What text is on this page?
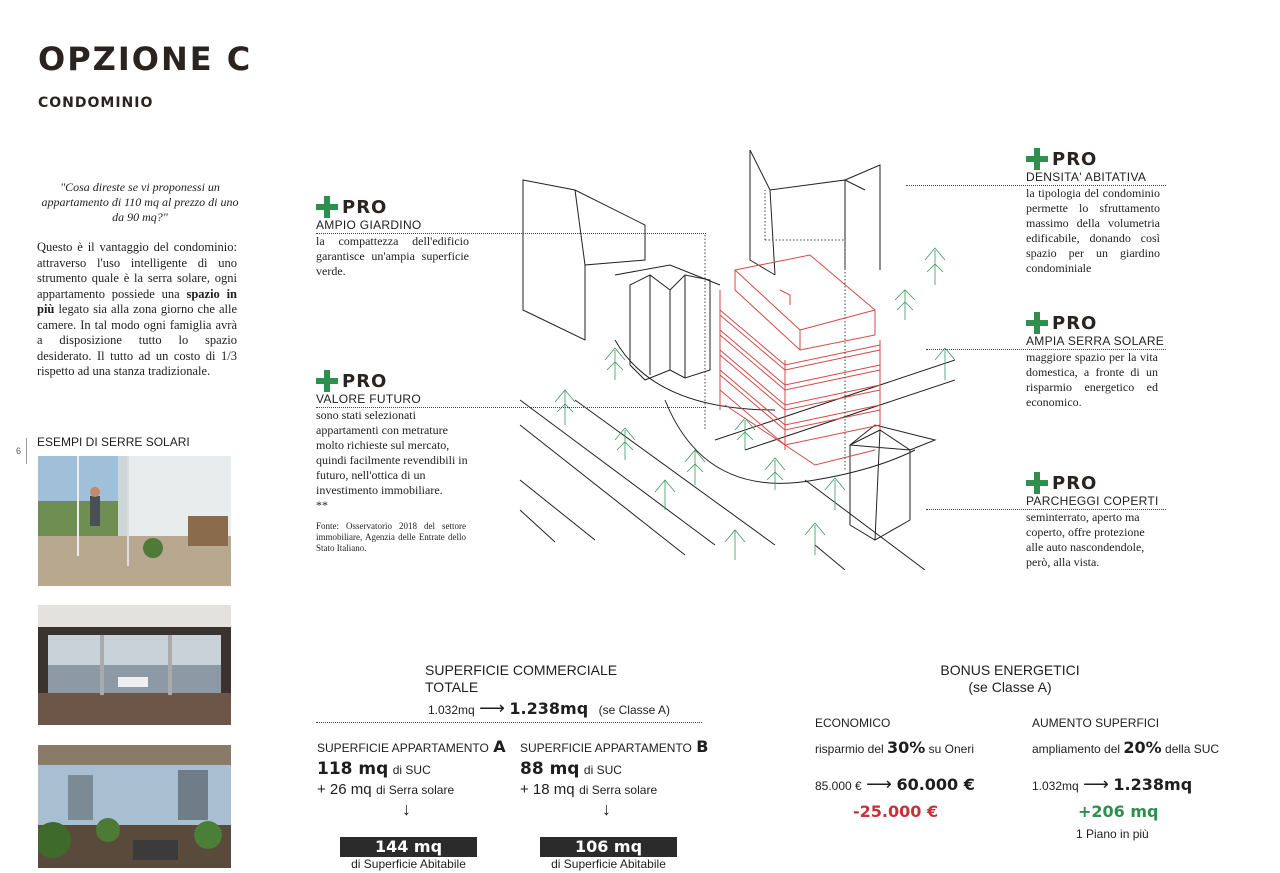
OPZIONE C
CONDOMINIO
"Cosa direste se vi proponessi un appartamento di 110 mq al prezzo di uno da 90 mq?"
Questo è il vantaggio del condominio: attraverso l'uso intelligente di uno strumento quale è la serra solare, ogni appartamento possiede una spazio in più legato sia alla zona giorno che alle camere. In tal modo ogni famiglia avrà a disposizione tutto lo spazio desiderato. Il tutto ad un costo di 1/3 rispetto ad una stanza tradizionale.
6
ESEMPI DI SERRE SOLARI
PRO
AMPIO GIARDINO
la compattezza dell'edificio garantisce un'ampia superficie verde.
PRO
VALORE FUTURO
sono stati selezionati appartamenti con metrature molto richieste sul mercato, quindi facilmente revendibili in futuro, nell'ottica di un investimento immobiliare.
**
Fonte: Osservatorio 2018 del settore immobiliare, Agenzia delle Entrate dello Stato Italiano.
PRO
DENSITA' ABITATIVA
la tipologia del condominio permette lo sfruttamento massimo della volumetria edificabile, donando così spazio per un giardino condominiale
PRO
AMPIA SERRA SOLARE
maggiore spazio per la vita domestica, a fronte di un risparmio energetico ed economico.
PRO
PARCHEGGI COPERTI
seminterrato, aperto ma coperto, offre protezione alle auto nascondendole, però, alla vista.
SUPERFICIE COMMERCIALE
TOTALE
1.032mq ⟶ 1.238mq (se Classe A)
SUPERFICIE APPARTAMENTO A
118 mq di SUC
+ 26 mq di Serra solare
↓
144 mq
di Superficie Abitabile
SUPERFICIE APPARTAMENTO B
88 mq di SUC
+ 18 mq di Serra solare
↓
106 mq
di Superficie Abitabile
BONUS ENERGETICI
(se Classe A)
ECONOMICO
risparmio del 30% su Oneri
85.000 € ⟶ 60.000 €
-25.000 €
AUMENTO SUPERFICI
ampliamento del 20% della SUC
1.032mq ⟶ 1.238mq
+206 mq
1 Piano in più
